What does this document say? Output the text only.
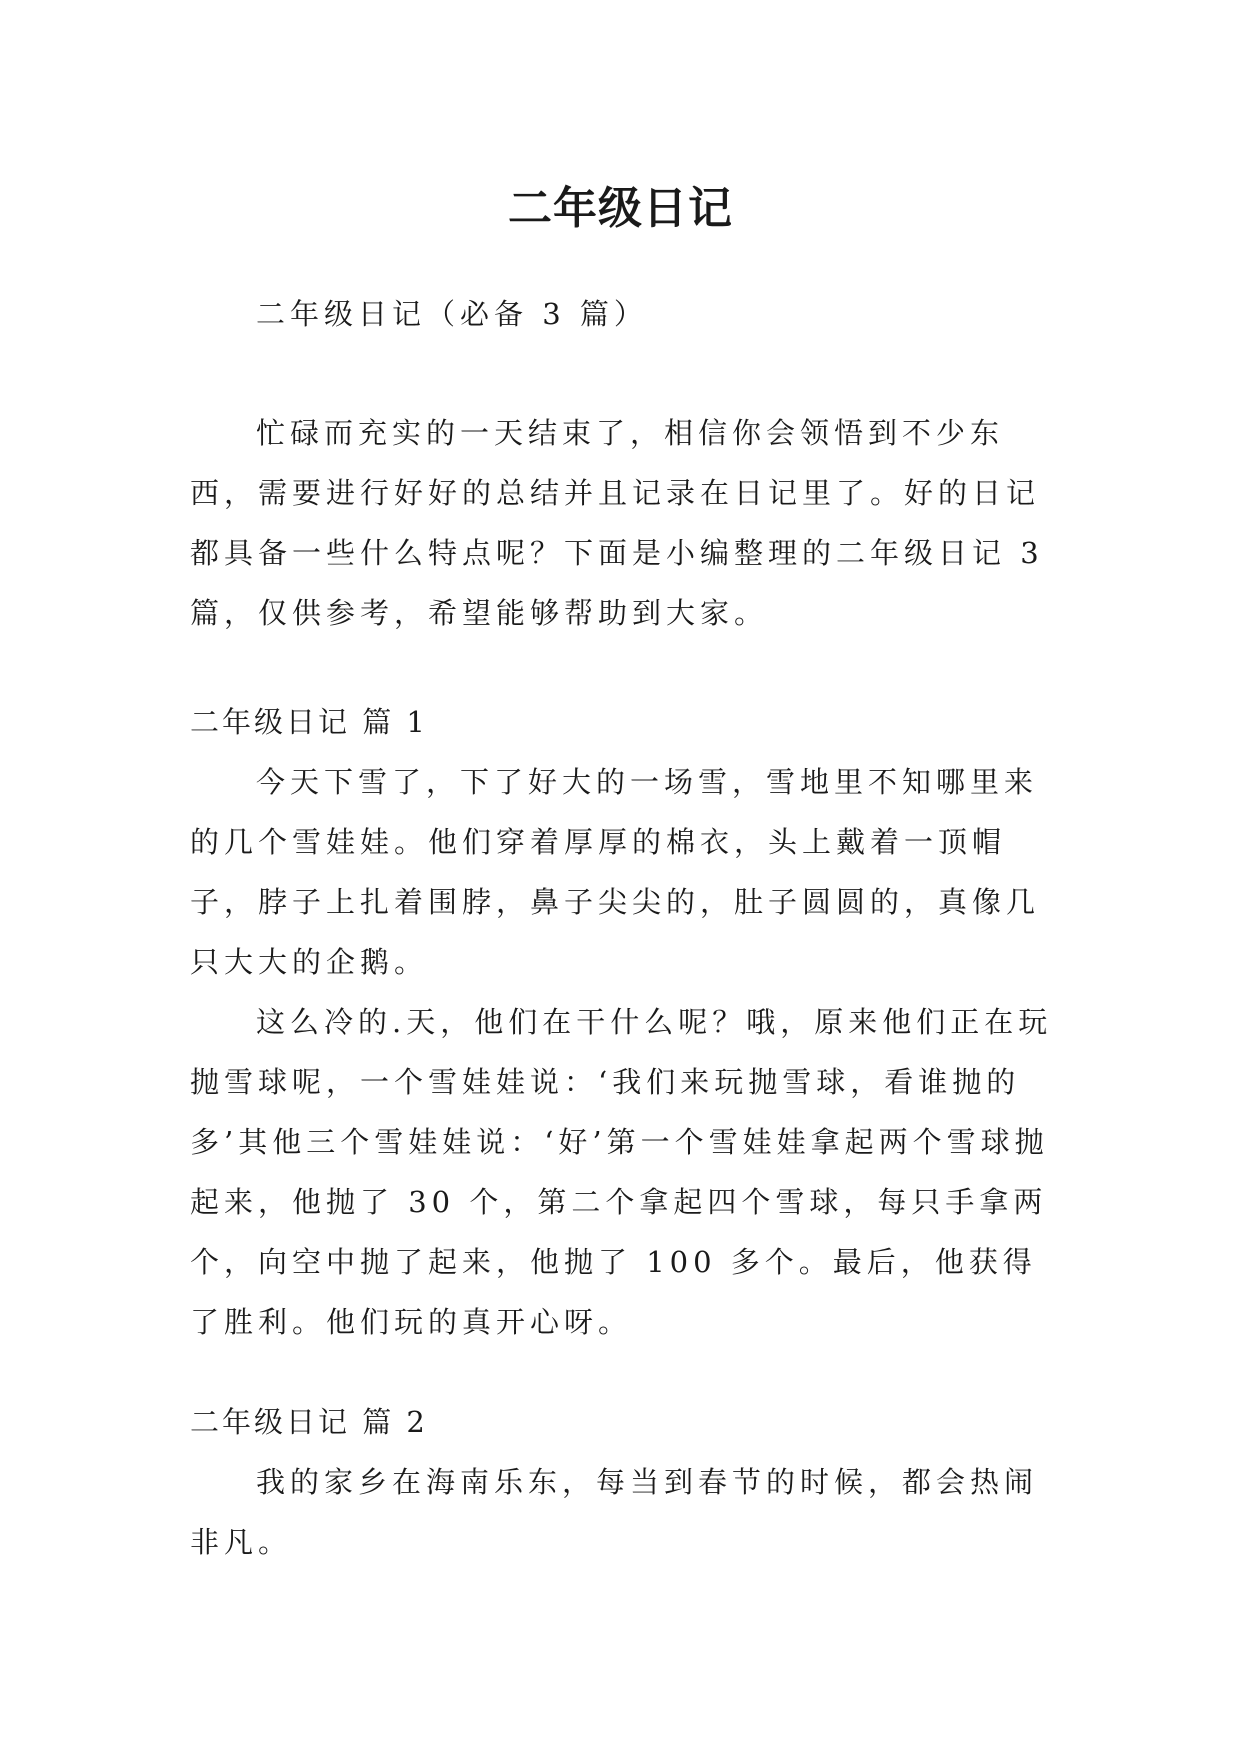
二年级日记

二年级日记（必备 3 篇）

忙碌而充实的一天结束了，相信你会领悟到不少东西，需要进行好好的总结并且记录在日记里了。好的日记都具备一些什么特点呢？下面是小编整理的二年级日记 3 篇，仅供参考，希望能够帮助到大家。

二年级日记 篇 1

今天下雪了，下了好大的一场雪，雪地里不知哪里来的几个雪娃娃。他们穿着厚厚的棉衣，头上戴着一顶帽子，脖子上扎着围脖，鼻子尖尖的，肚子圆圆的，真像几只大大的企鹅。

这么冷的.天，他们在干什么呢？哦，原来他们正在玩抛雪球呢，一个雪娃娃说：‘我们来玩抛雪球，看谁抛的多’其他三个雪娃娃说：‘好’第一个雪娃娃拿起两个雪球抛起来，他抛了 30 个，第二个拿起四个雪球，每只手拿两个，向空中抛了起来，他抛了 100 多个。最后，他获得了胜利。他们玩的真开心呀。

二年级日记 篇 2

我的家乡在海南乐东，每当到春节的时候，都会热闹非凡。
